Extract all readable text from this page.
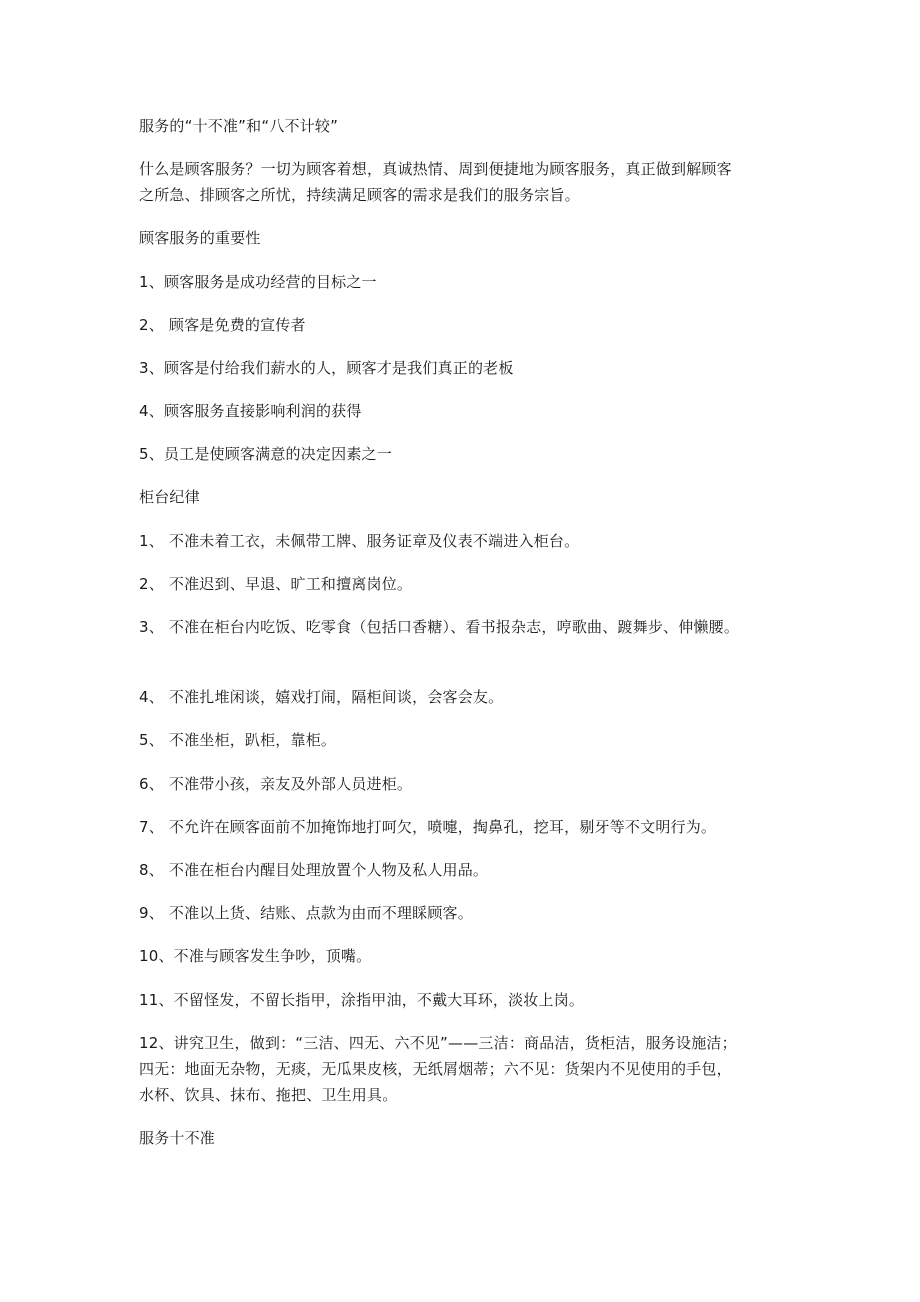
服务的“十不准”和“八不计较”
什么是顾客服务？一切为顾客着想，真诚热情、周到便捷地为顾客服务，真正做到解顾客
之所急、排顾客之所忧，持续满足顾客的需求是我们的服务宗旨。
顾客服务的重要性
1、顾客服务是成功经营的目标之一
2、 顾客是免费的宣传者
3、顾客是付给我们薪水的人，顾客才是我们真正的老板
4、顾客服务直接影响利润的获得
5、员工是使顾客满意的决定因素之一
柜台纪律
1、 不准未着工衣，未佩带工牌、服务证章及仪表不端进入柜台。
2、 不准迟到、早退、旷工和擅离岗位。
3、 不准在柜台内吃饭、吃零食（包括口香糖）、看书报杂志，哼歌曲、踱舞步、伸懒腰。
4、 不准扎堆闲谈，嬉戏打闹，隔柜间谈，会客会友。
5、 不准坐柜，趴柜，靠柜。
6、 不准带小孩，亲友及外部人员进柜。
7、 不允许在顾客面前不加掩饰地打呵欠，喷嚏，掏鼻孔，挖耳，剔牙等不文明行为。
8、 不准在柜台内醒目处理放置个人物及私人用品。
9、 不准以上货、结账、点款为由而不理睬顾客。
10、不准与顾客发生争吵，顶嘴。
11、不留怪发，不留长指甲，涂指甲油，不戴大耳环，淡妆上岗。
12、讲究卫生，做到：“三洁、四无、六不见”——三洁：商品洁，货柜洁，服务设施洁；
四无：地面无杂物，无痰，无瓜果皮核，无纸屑烟蒂；六不见：货架内不见使用的手包，
水杯、饮具、抹布、拖把、卫生用具。
服务十不准
